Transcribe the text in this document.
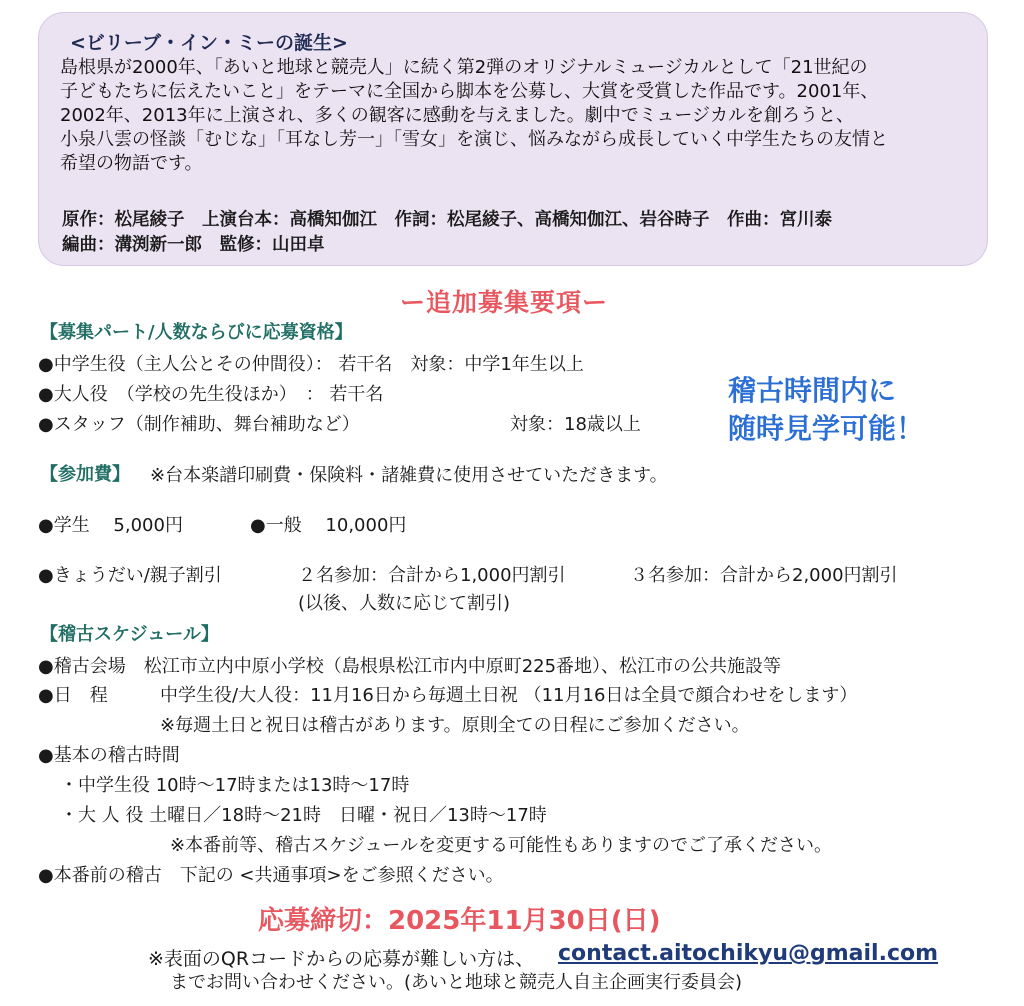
<ビリーブ・イン・ミーの誕生>
島根県が2000年、「あいと地球と競売人」に続く第2弾のオリジナルミュージカルとして「21世紀の
子どもたちに伝えたいこと」をテーマに全国から脚本を公募し、大賞を受賞した作品です。2001年、
2002年、2013年に上演され、多くの観客に感動を与えました。劇中でミュージカルを創ろうと、
小泉八雲の怪談「むじな」「耳なし芳一」「雪女」を演じ、悩みながら成長していく中学生たちの友情と
希望の物語です。
原作：松尾綾子　上演台本：高橋知伽江　作詞：松尾綾子、高橋知伽江、岩谷時子　作曲：宮川泰
編曲：溝渕新一郎　監修：山田卓
ー追加募集要項ー
【募集パート/人数ならびに応募資格】
●中学生役（主人公とその仲間役）： 若干名　対象：中学1年生以上
●大人役　（学校の先生役ほか）　： 若干名
●スタッフ（制作補助、舞台補助など）	対象：18歳以上
稽古時間内に
随時見学可能！
【参加費】 ※台本楽譜印刷費・保険料・諸雑費に使用させていただきます。
●学生　 5,000円	●一般　 10,000円
●きょうだい/親子割引	２名参加：合計から1,000円割引	３名参加：合計から2,000円割引
(以後、人数に応じて割引)
【稽古スケジュール】
●稽古会場　松江市立内中原小学校（島根県松江市内中原町225番地）、松江市の公共施設等
●日　程	中学生役/大人役：11月16日から毎週土日祝 （11月16日は全員で顔合わせをします）
※毎週土日と祝日は稽古があります。原則全ての日程にご参加ください。
●基本の稽古時間
・中学生役 10時～17時または13時～17時
・大 人 役 土曜日／18時～21時　日曜・祝日／13時～17時
※本番前等、稽古スケジュールを変更する可能性もありますのでご了承ください。
●本番前の稽古　下記の <共通事項>をご参照ください。
応募締切：2025年11月30日(日)
※表面のQRコードからの応募が難しい方は、 contact.aitochikyu@gmail.com
までお問い合わせください。(あいと地球と競売人自主企画実行委員会)
